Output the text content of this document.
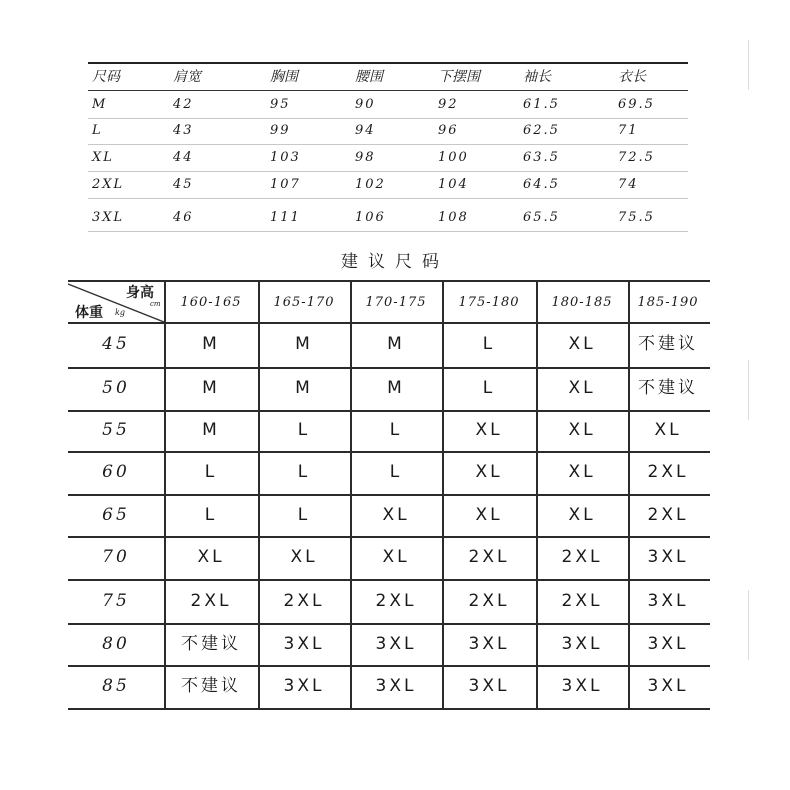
尺码	肩宽	胸围	腰围	下摆围	袖长	衣长
M	42	95	90	92	61.5	69.5
L	43	99	94	96	62.5	71
XL	44	103	98	100	63.5	72.5
2XL	45	107	102	104	64.5	74
3XL	46	111	106	108	65.5	75.5
建议尺码
身高
cm
体重 kg
160-165	165-170	170-175	175-180	180-185	185-190
45	M	M	M	L	XL	不建议
50	M	M	M	L	XL	不建议
55	M	L	L	XL	XL	XL
60	L	L	L	XL	XL	2XL
65	L	L	XL	XL	XL	2XL
70	XL	XL	XL	2XL	2XL	3XL
75	2XL	2XL	2XL	2XL	2XL	3XL
80	不建议	3XL	3XL	3XL	3XL	3XL
85	不建议	3XL	3XL	3XL	3XL	3XL
